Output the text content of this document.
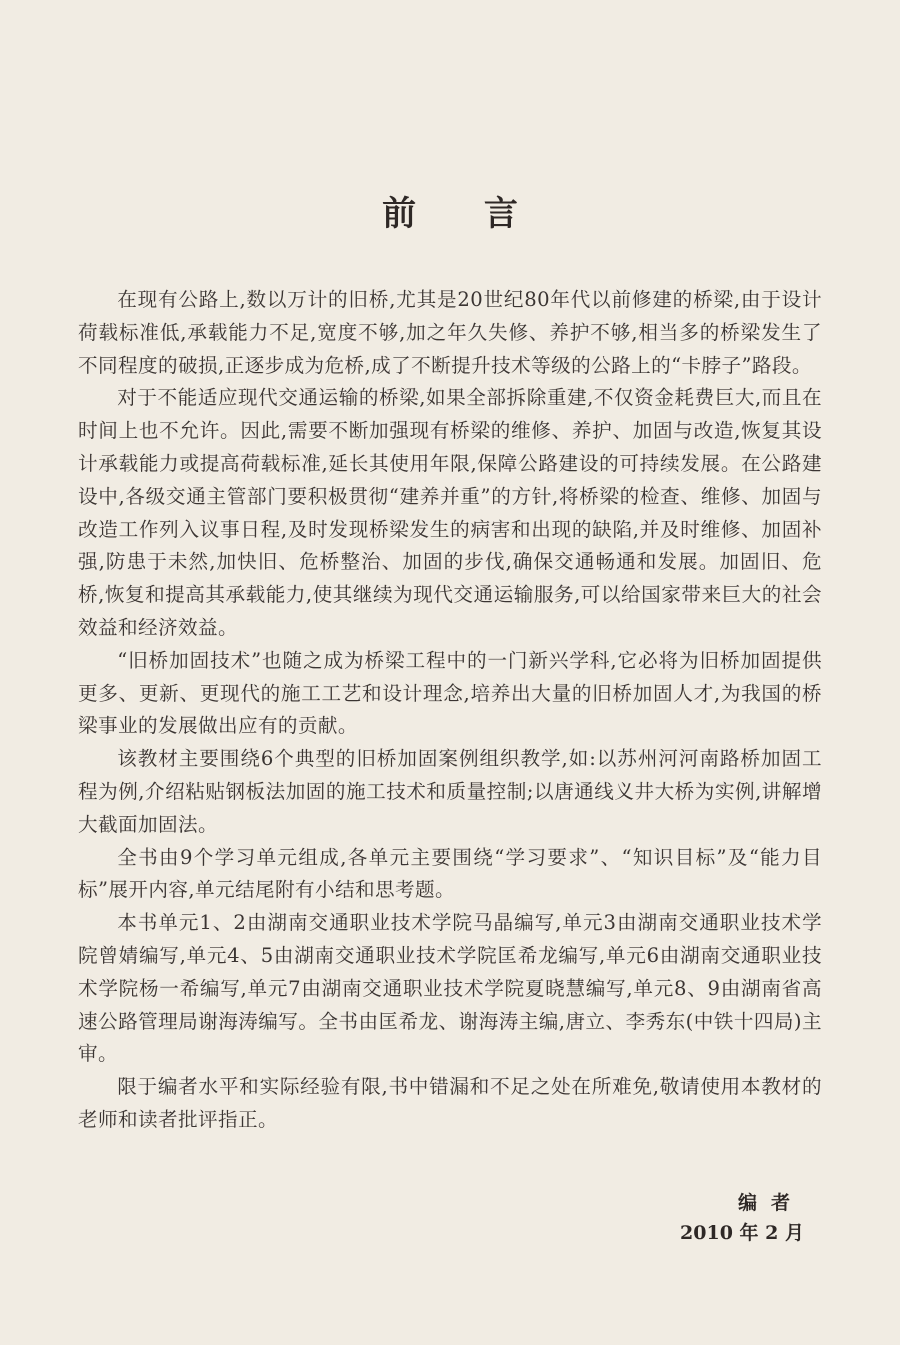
前 言

在现有公路上,数以万计的旧桥,尤其是20世纪80年代以前修建的桥梁,由于设计荷载标准低,承载能力不足,宽度不够,加之年久失修、养护不够,相当多的桥梁发生了不同程度的破损,正逐步成为危桥,成了不断提升技术等级的公路上的“卡脖子”路段。

对于不能适应现代交通运输的桥梁,如果全部拆除重建,不仅资金耗费巨大,而且在时间上也不允许。因此,需要不断加强现有桥梁的维修、养护、加固与改造,恢复其设计承载能力或提高荷载标准,延长其使用年限,保障公路建设的可持续发展。在公路建设中,各级交通主管部门要积极贯彻“建养并重”的方针,将桥梁的检查、维修、加固与改造工作列入议事日程,及时发现桥梁发生的病害和出现的缺陷,并及时维修、加固补强,防患于未然,加快旧、危桥整治、加固的步伐,确保交通畅通和发展。加固旧、危桥,恢复和提高其承载能力,使其继续为现代交通运输服务,可以给国家带来巨大的社会效益和经济效益。

“旧桥加固技术”也随之成为桥梁工程中的一门新兴学科,它必将为旧桥加固提供更多、更新、更现代的施工工艺和设计理念,培养出大量的旧桥加固人才,为我国的桥梁事业的发展做出应有的贡献。

该教材主要围绕6个典型的旧桥加固案例组织教学,如:以苏州河河南路桥加固工程为例,介绍粘贴钢板法加固的施工技术和质量控制;以唐通线义井大桥为实例,讲解增大截面加固法。

全书由9个学习单元组成,各单元主要围绕“学习要求”、“知识目标”及“能力目标”展开内容,单元结尾附有小结和思考题。

本书单元1、2由湖南交通职业技术学院马晶编写,单元3由湖南交通职业技术学院曾婧编写,单元4、5由湖南交通职业技术学院匡希龙编写,单元6由湖南交通职业技术学院杨一希编写,单元7由湖南交通职业技术学院夏晓慧编写,单元8、9由湖南省高速公路管理局谢海涛编写。全书由匡希龙、谢海涛主编,唐立、李秀东(中铁十四局)主审。

限于编者水平和实际经验有限,书中错漏和不足之处在所难免,敬请使用本教材的老师和读者批评指正。

编者
2010 年 2 月
